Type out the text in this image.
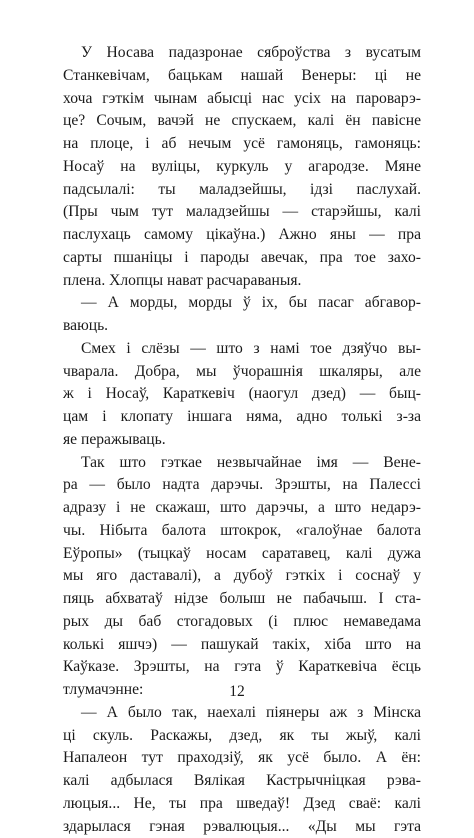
У Носава падазронае сяброўства з вусатым
Станкевічам, бацькам нашай Венеры: ці не
хоча гэткім чынам абысці нас усіх на пароварэ-
це? Сочым, вачэй не спускаем, калі ён павісне
на плоце, і аб нечым усё гамоняць, гамоняць:
Носаў на вуліцы, куркуль у агародзе. Мяне
падсылалі: ты маладзейшы, ідзі паслухай.
(Пры чым тут маладзейшы — старэйшы, калі
паслухаць самому цікаўна.) Ажно яны — пра
сарты пшаніцы і пароды авечак, пра тое захо-
плена. Хлопцы нават расчараваныя.
— А морды, морды ў іх, бы пасаг абгавор-
ваюць.
Смех і слёзы — што з намі тое дзяўчо вы-
чварала. Добра, мы ўчорашнія шкаляры, але
ж і Носаў, Караткевіч (наогул дзед) — быц-
цам і клопату іншага няма, адно толькі з-за
яе перажываць.
Так што гэткае незвычайнае імя — Вене-
ра — было надта дарэчы. Зрэшты, на Палессі
адразу і не скажаш, што дарэчы, а што недарэ-
чы. Нібыта балота штокрок, «галоўнае балота
Еўропы» (тыцкаў носам саратавец, калі дужа
мы яго даставалі), а дубоў гэткіх і соснаў у
пяць абхватаў нідзе болыш не пабачыш. І ста-
рых ды баб стогадовых (і плюс немаведама
колькі яшчэ) — пашукай такіх, хіба што на
Каўказе. Зрэшты, на гэта ў Караткевіча ёсць
тлумачэнне:
— А было так, наехалі піянеры аж з Мінска
ці скуль. Раскажы, дзед, як ты жыў, калі
Напалеон тут праходзіў, як усё было. А ён:
калі адбылася Вялікая Кастрычніцкая рэва-
люцыя... Не, ты пра шведаў! Дзед сваё: калі
здарылася гэная рэвалюцыя... «Ды мы гэта
12
